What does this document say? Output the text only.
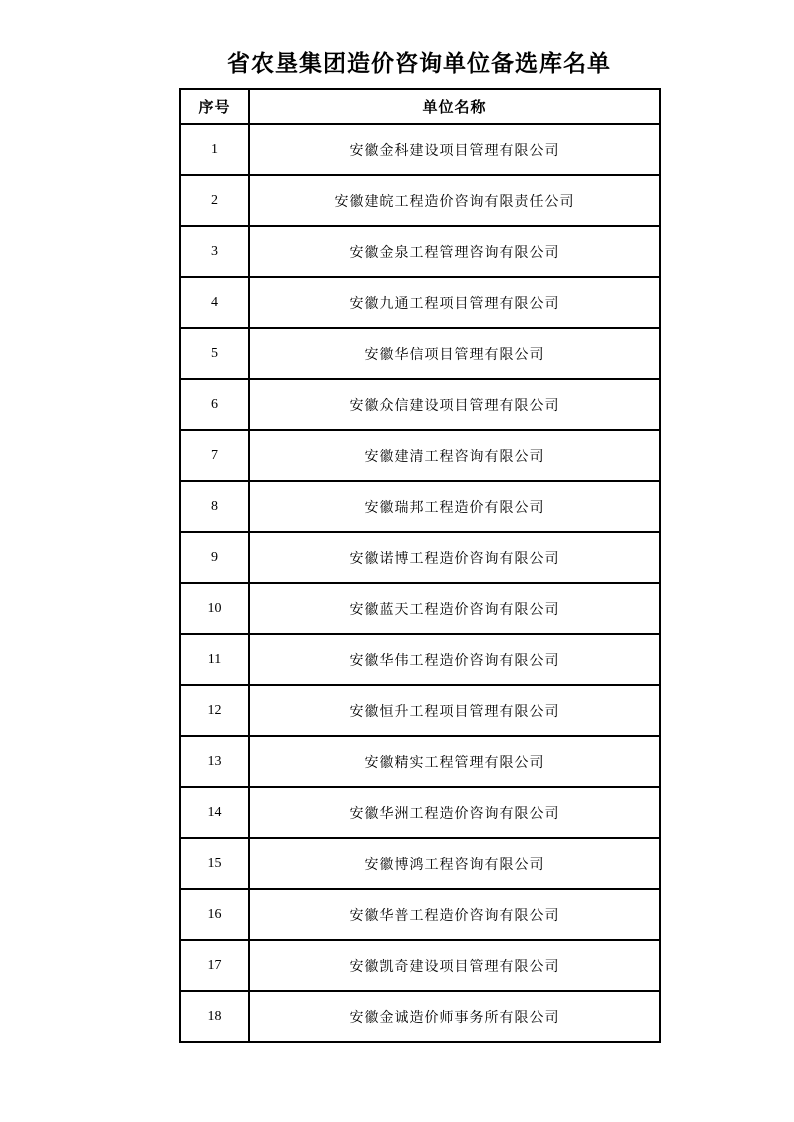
省农垦集团造价咨询单位备选库名单
序号	单位名称
1	安徽金科建设项目管理有限公司
2	安徽建皖工程造价咨询有限责任公司
3	安徽金泉工程管理咨询有限公司
4	安徽九通工程项目管理有限公司
5	安徽华信项目管理有限公司
6	安徽众信建设项目管理有限公司
7	安徽建清工程咨询有限公司
8	安徽瑞邦工程造价有限公司
9	安徽诺博工程造价咨询有限公司
10	安徽蓝天工程造价咨询有限公司
11	安徽华伟工程造价咨询有限公司
12	安徽恒升工程项目管理有限公司
13	安徽精实工程管理有限公司
14	安徽华洲工程造价咨询有限公司
15	安徽博鸿工程咨询有限公司
16	安徽华普工程造价咨询有限公司
17	安徽凯奇建设项目管理有限公司
18	安徽金诚造价师事务所有限公司
